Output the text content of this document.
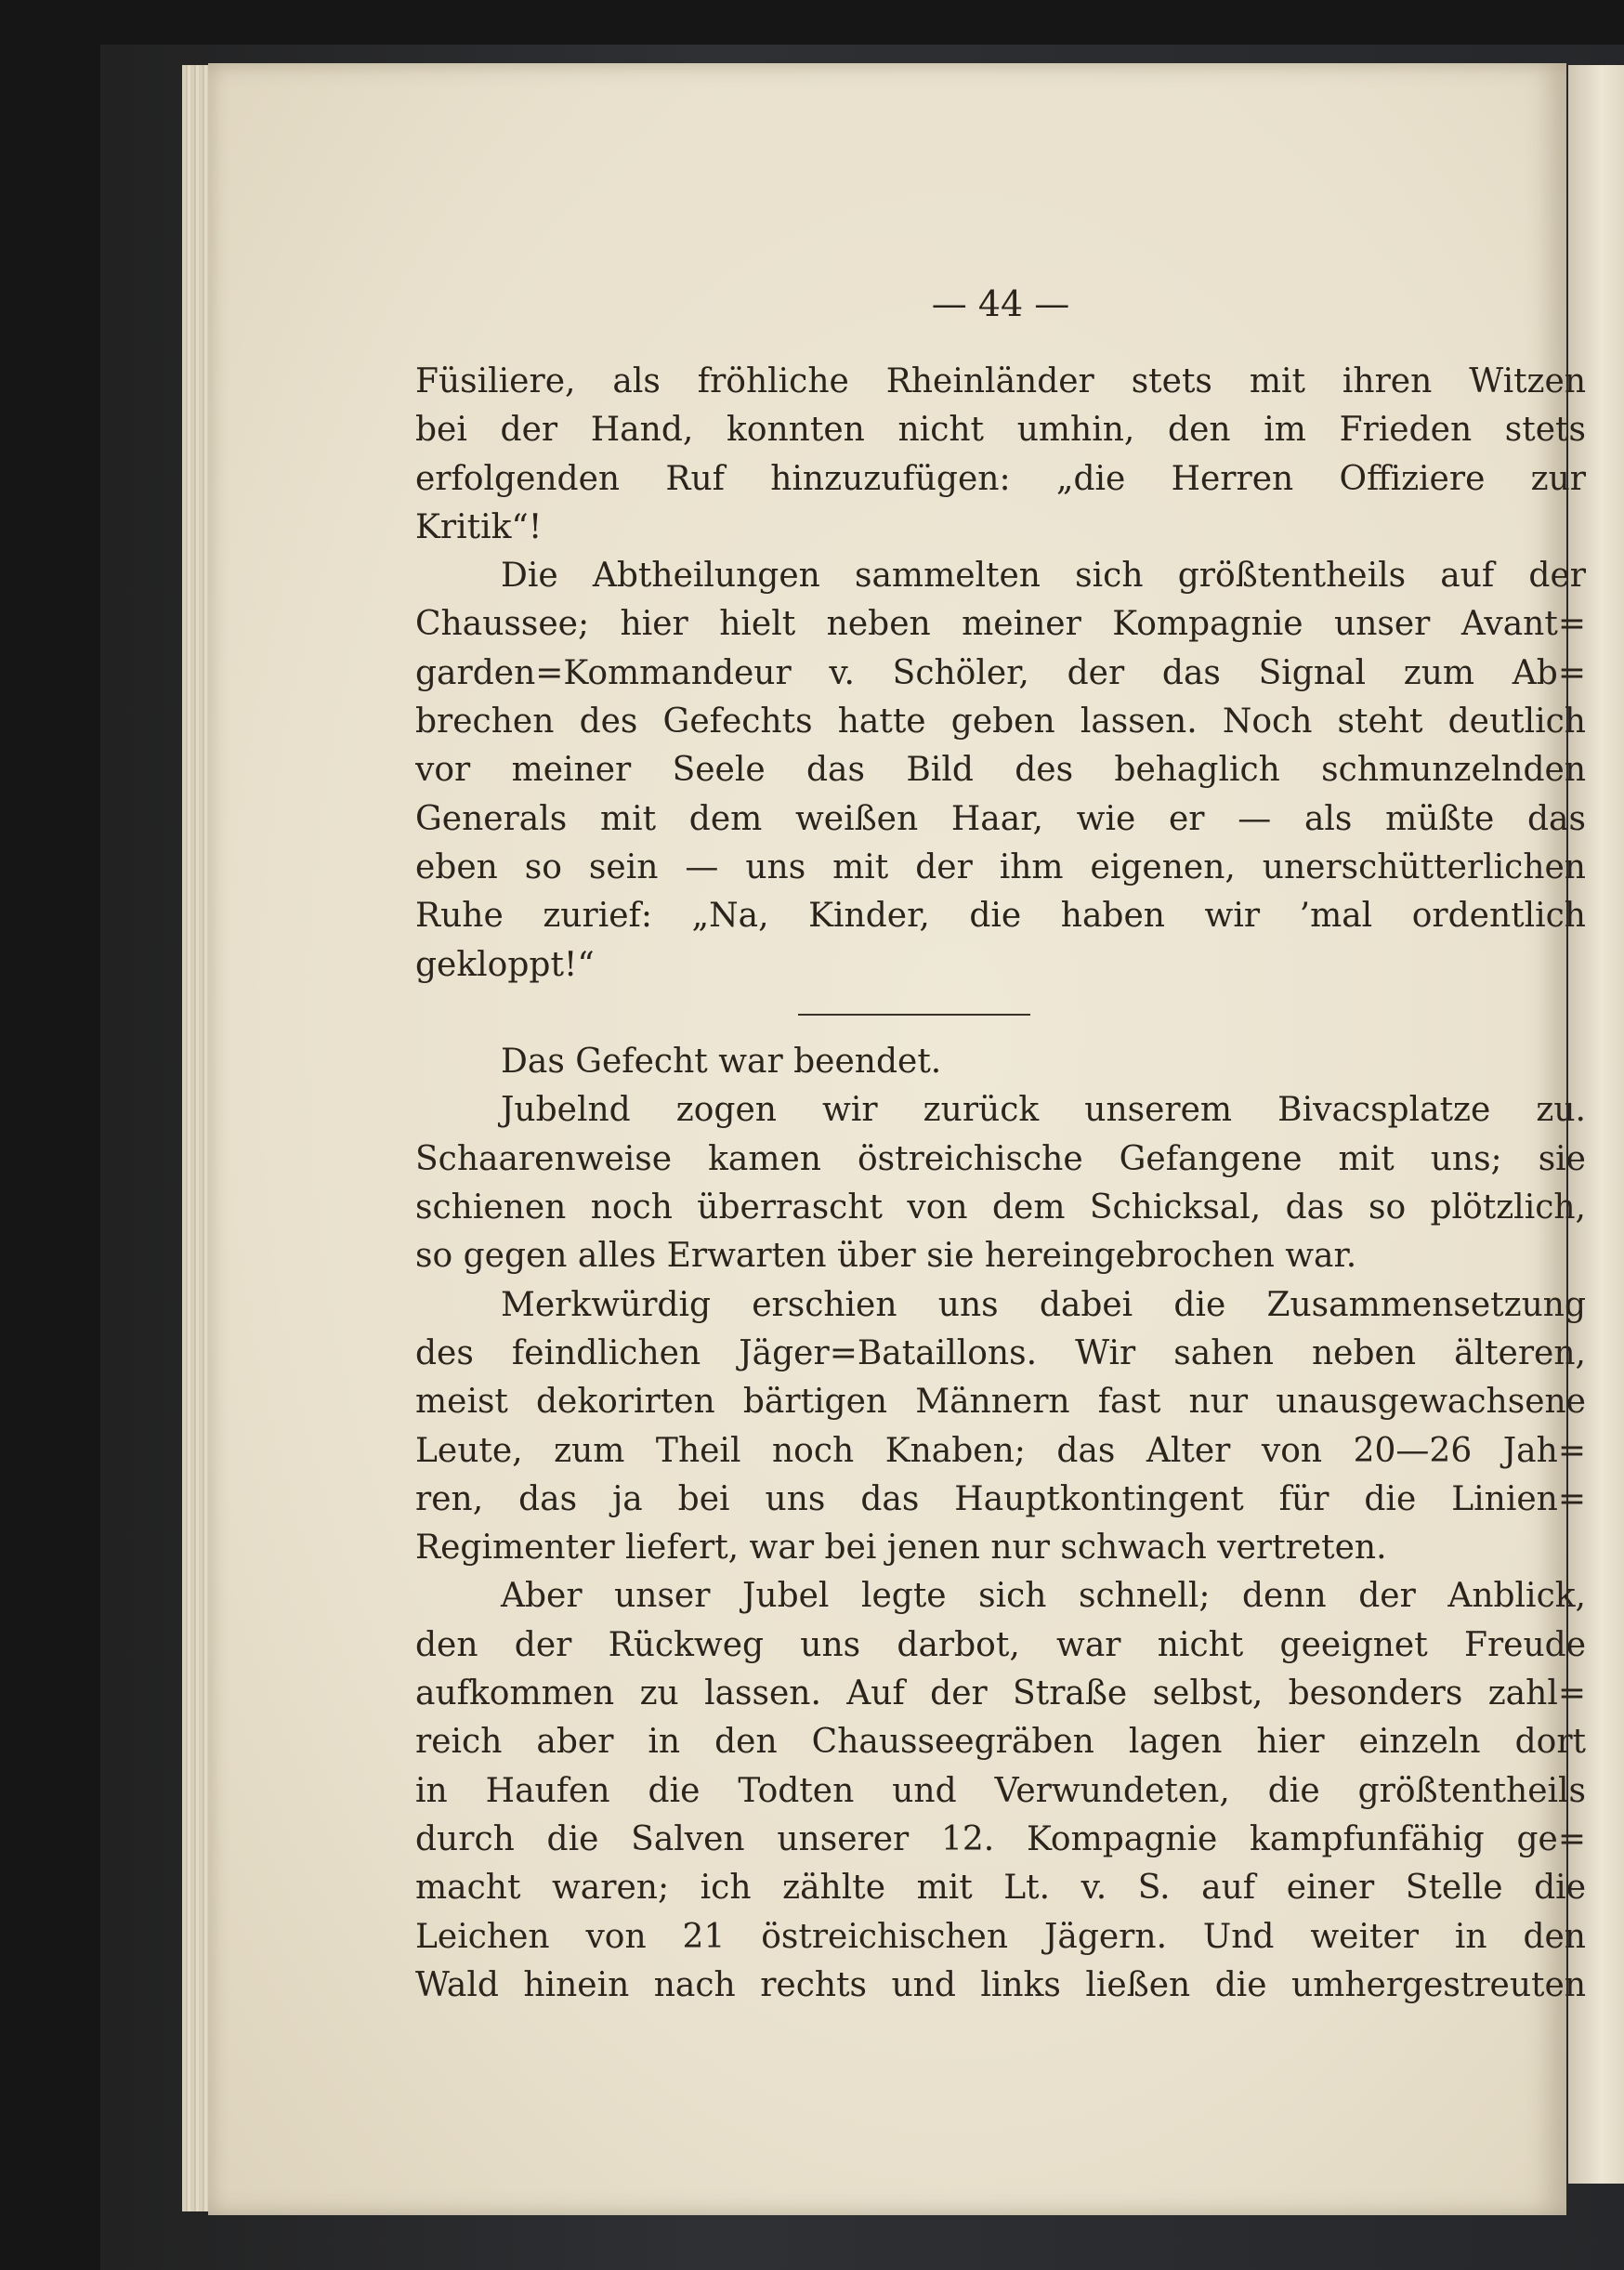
— 44 —
Füsiliere, als fröhliche Rheinländer stets mit ihren Witzen
bei der Hand, konnten nicht umhin, den im Frieden stets
erfolgenden Ruf hinzuzufügen: „die Herren Offiziere zur
Kritik“!
Die Abtheilungen sammelten sich größtentheils auf der
Chaussee; hier hielt neben meiner Kompagnie unser Avant=
garden=Kommandeur v. Schöler, der das Signal zum Ab=
brechen des Gefechts hatte geben lassen. Noch steht deutlich
vor meiner Seele das Bild des behaglich schmunzelnden
Generals mit dem weißen Haar, wie er — als müßte das
eben so sein — uns mit der ihm eigenen, unerschütterlichen
Ruhe zurief: „Na, Kinder, die haben wir ’mal ordentlich
gekloppt!“
Das Gefecht war beendet.
Jubelnd zogen wir zurück unserem Bivacsplatze zu.
Schaarenweise kamen östreichische Gefangene mit uns; sie
schienen noch überrascht von dem Schicksal, das so plötzlich,
so gegen alles Erwarten über sie hereingebrochen war.
Merkwürdig erschien uns dabei die Zusammensetzung
des feindlichen Jäger=Bataillons. Wir sahen neben älteren,
meist dekorirten bärtigen Männern fast nur unausgewachsene
Leute, zum Theil noch Knaben; das Alter von 20—26 Jah=
ren, das ja bei uns das Hauptkontingent für die Linien=
Regimenter liefert, war bei jenen nur schwach vertreten.
Aber unser Jubel legte sich schnell; denn der Anblick,
den der Rückweg uns darbot, war nicht geeignet Freude
aufkommen zu lassen. Auf der Straße selbst, besonders zahl=
reich aber in den Chausseegräben lagen hier einzeln dort
in Haufen die Todten und Verwundeten, die größtentheils
durch die Salven unserer 12. Kompagnie kampfunfähig ge=
macht waren; ich zählte mit Lt. v. S. auf einer Stelle die
Leichen von 21 östreichischen Jägern. Und weiter in den
Wald hinein nach rechts und links ließen die umhergestreuten
